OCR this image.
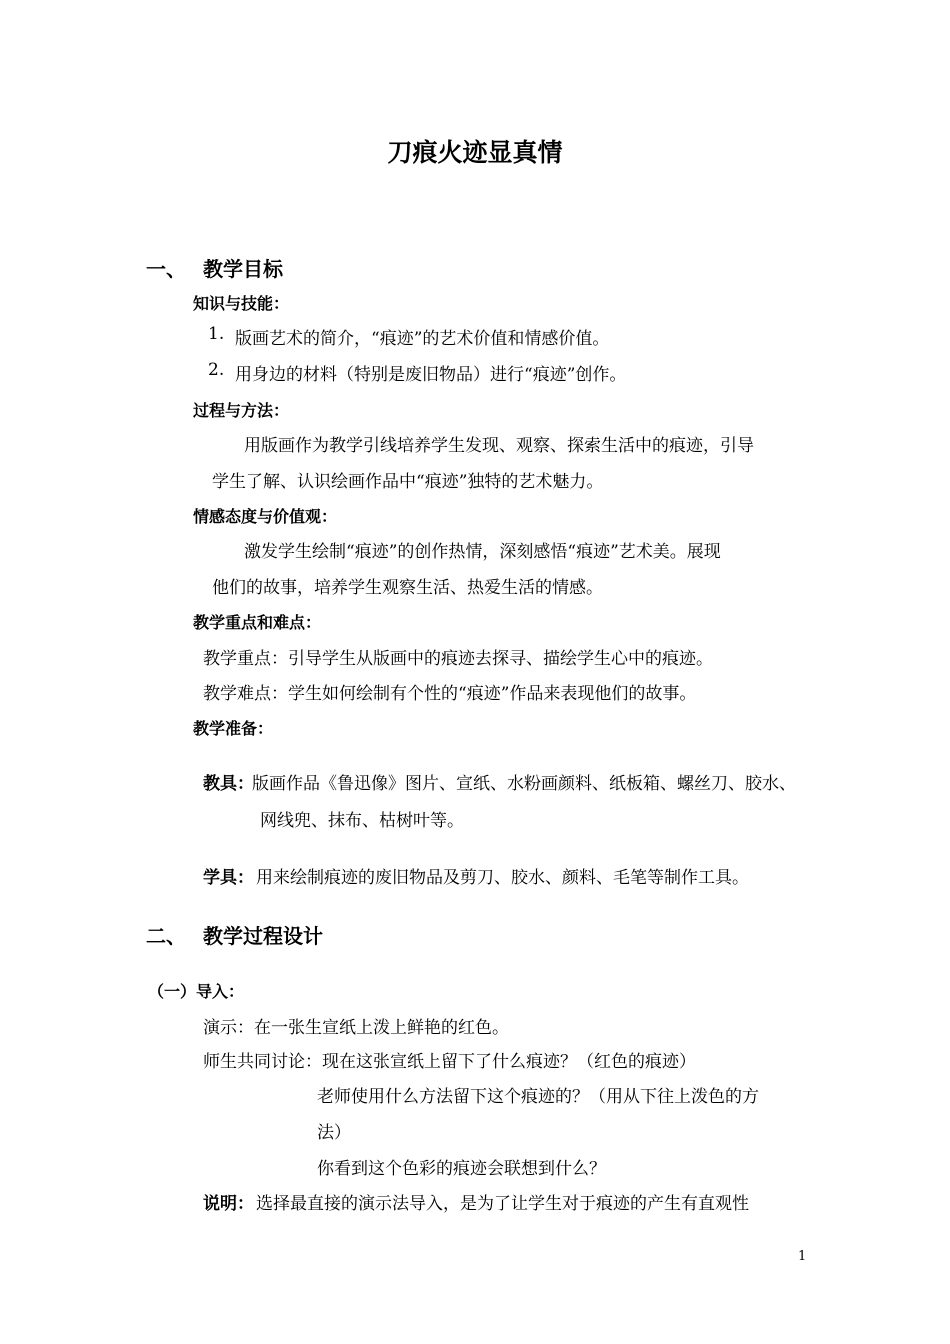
刀痕火迹显真情
一、 教学目标
知识与技能：
1. 版画艺术的简介，“痕迹”的艺术价值和情感价值。
2. 用身边的材料（特别是废旧物品）进行“痕迹”创作。
过程与方法：
用版画作为教学引线培养学生发现、观察、探索生活中的痕迹，引导
学生了解、认识绘画作品中“痕迹”独特的艺术魅力。
情感态度与价值观：
激发学生绘制“痕迹”的创作热情，深刻感悟“痕迹”艺术美。展现
他们的故事，培养学生观察生活、热爱生活的情感。
教学重点和难点：
教学重点：引导学生从版画中的痕迹去探寻、描绘学生心中的痕迹。
教学难点：学生如何绘制有个性的“痕迹”作品来表现他们的故事。
教学准备：
教具：
版画作品《鲁迅像》图片、宣纸、水粉画颜料、纸板箱、螺丝刀、胶水、
网线兜、抹布、枯树叶等。
学具： 用来绘制痕迹的废旧物品及剪刀、胶水、颜料、毛笔等制作工具。
二、 教学过程设计
（一）导入：
演示：在一张生宣纸上泼上鲜艳的红色。
师生共同讨论：现在这张宣纸上留下了什么痕迹？（红色的痕迹）
老师使用什么方法留下这个痕迹的？（用从下往上泼色的方
法）
你看到这个色彩的痕迹会联想到什么？
说明： 选择最直接的演示法导入，是为了让学生对于痕迹的产生有直观性
1
